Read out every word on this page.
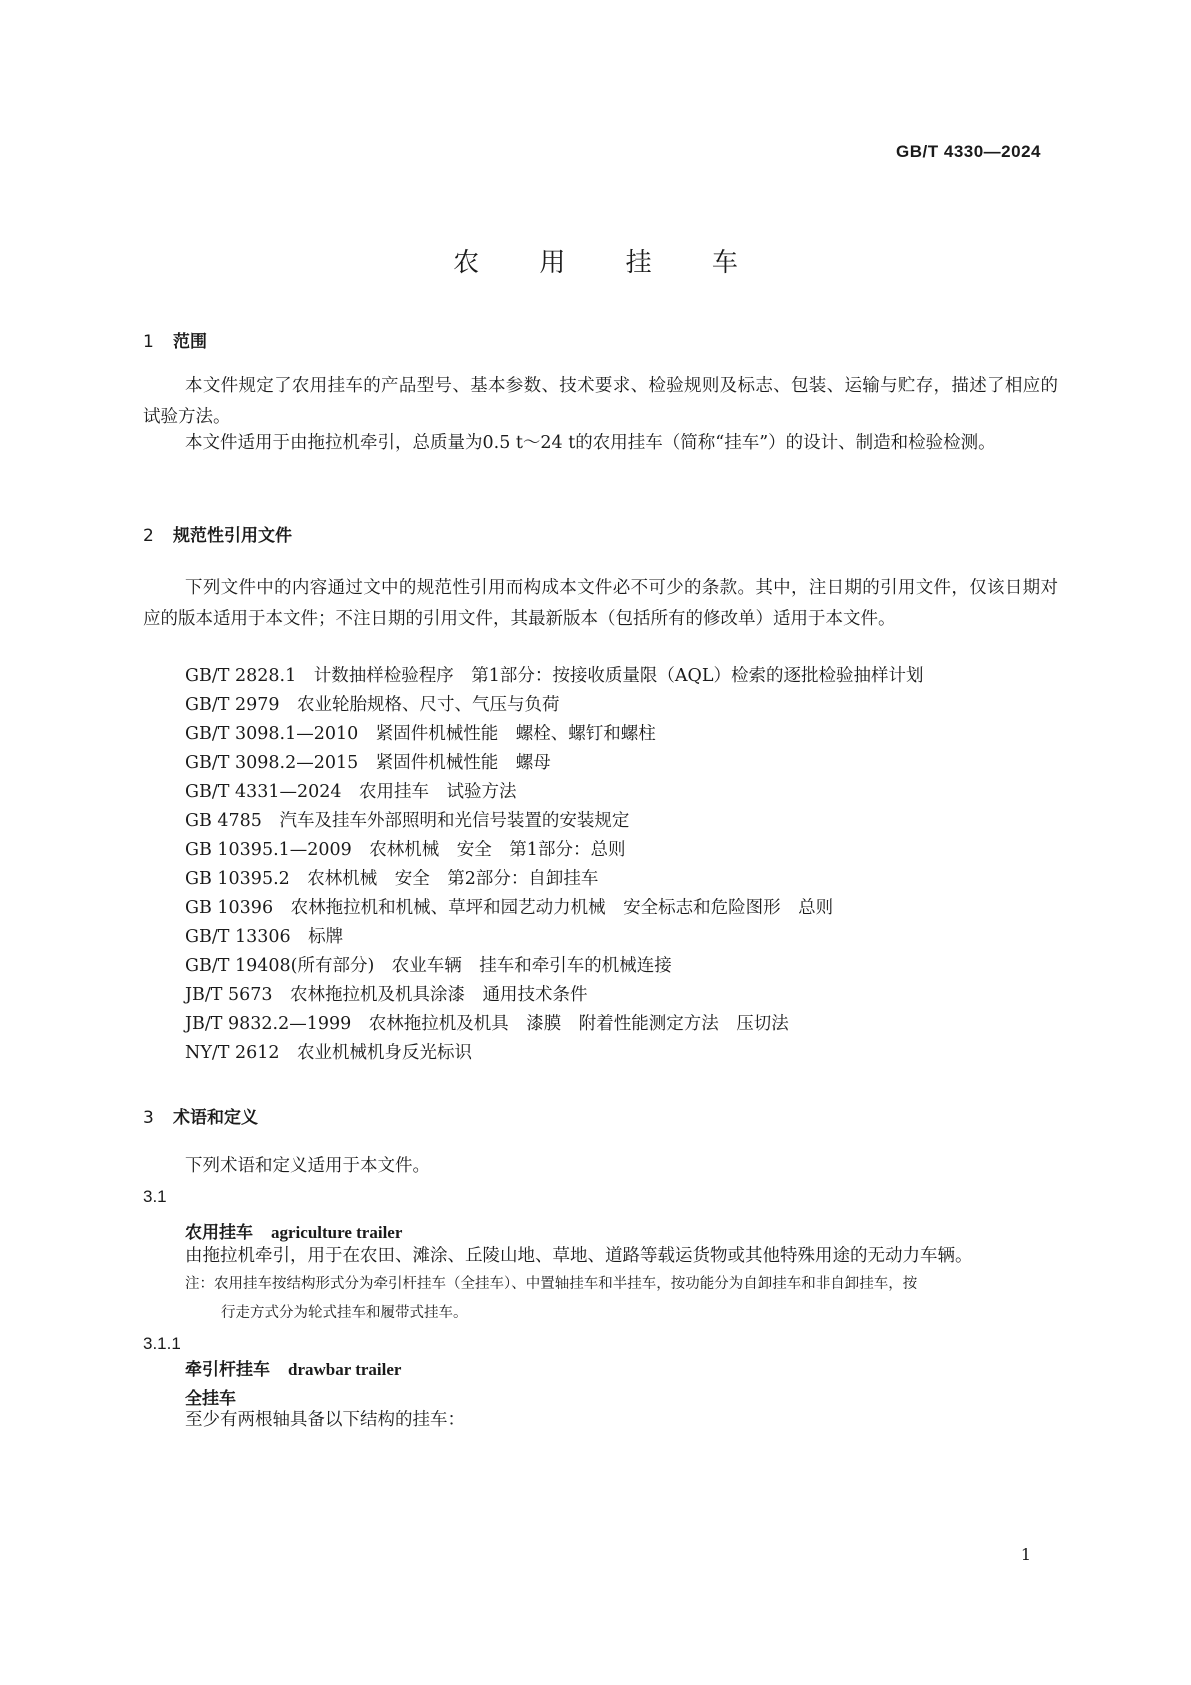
GB/T 4330—2024
农 用 挂 车
1 范围
本文件规定了农用挂车的产品型号、基本参数、技术要求、检验规则及标志、包装、运输与贮存，描述了相应的试验方法。
本文件适用于由拖拉机牵引，总质量为0.5 t～24 t的农用挂车（简称“挂车”）的设计、制造和检验检测。
2 规范性引用文件
下列文件中的内容通过文中的规范性引用而构成本文件必不可少的条款。其中，注日期的引用文件，仅该日期对应的版本适用于本文件；不注日期的引用文件，其最新版本（包括所有的修改单）适用于本文件。
GB/T 2828.1　计数抽样检验程序　第1部分：按接收质量限（AQL）检索的逐批检验抽样计划
GB/T 2979　农业轮胎规格、尺寸、气压与负荷
GB/T 3098.1—2010　紧固件机械性能　螺栓、螺钉和螺柱
GB/T 3098.2—2015　紧固件机械性能　螺母
GB/T 4331—2024　农用挂车　试验方法
GB 4785　汽车及挂车外部照明和光信号装置的安装规定
GB 10395.1—2009　农林机械　安全　第1部分：总则
GB 10395.2　农林机械　安全　第2部分：自卸挂车
GB 10396　农林拖拉机和机械、草坪和园艺动力机械　安全标志和危险图形　总则
GB/T 13306　标牌
GB/T 19408(所有部分)　农业车辆　挂车和牵引车的机械连接
JB/T 5673　农林拖拉机及机具涂漆　通用技术条件
JB/T 9832.2—1999　农林拖拉机及机具　漆膜　附着性能测定方法　压切法
NY/T 2612　农业机械机身反光标识
3 术语和定义
下列术语和定义适用于本文件。
3.1
农用挂车 agriculture trailer
由拖拉机牵引，用于在农田、滩涂、丘陵山地、草地、道路等载运货物或其他特殊用途的无动力车辆。
注：农用挂车按结构形式分为牵引杆挂车（全挂车）、中置轴挂车和半挂车，按功能分为自卸挂车和非自卸挂车，按
行走方式分为轮式挂车和履带式挂车。
3.1.1
牵引杆挂车 drawbar trailer
全挂车
至少有两根轴具备以下结构的挂车：
1
